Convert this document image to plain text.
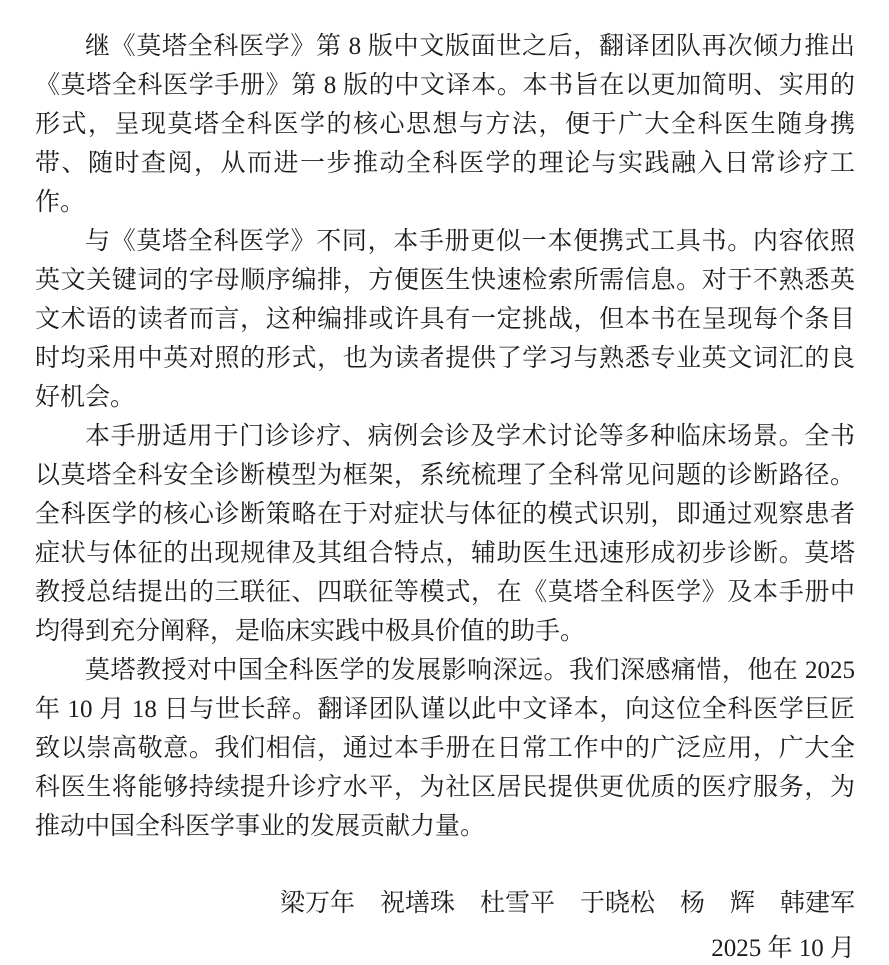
继《莫塔全科医学》第 8 版中文版面世之后，翻译团队再次倾力推出《莫塔全科医学手册》第 8 版的中文译本。本书旨在以更加简明、实用的形式，呈现莫塔全科医学的核心思想与方法，便于广大全科医生随身携带、随时查阅，从而进一步推动全科医学的理论与实践融入日常诊疗工作。

与《莫塔全科医学》不同，本手册更似一本便携式工具书。内容依照英文关键词的字母顺序编排，方便医生快速检索所需信息。对于不熟悉英文术语的读者而言，这种编排或许具有一定挑战，但本书在呈现每个条目时均采用中英对照的形式，也为读者提供了学习与熟悉专业英文词汇的良好机会。

本手册适用于门诊诊疗、病例会诊及学术讨论等多种临床场景。全书以莫塔全科安全诊断模型为框架，系统梳理了全科常见问题的诊断路径。全科医学的核心诊断策略在于对症状与体征的模式识别，即通过观察患者症状与体征的出现规律及其组合特点，辅助医生迅速形成初步诊断。莫塔教授总结提出的三联征、四联征等模式，在《莫塔全科医学》及本手册中均得到充分阐释，是临床实践中极具价值的助手。

莫塔教授对中国全科医学的发展影响深远。我们深感痛惜，他在 2025 年 10 月 18 日与世长辞。翻译团队谨以此中文译本，向这位全科医学巨匠致以崇高敬意。我们相信，通过本手册在日常工作中的广泛应用，广大全科医生将能够持续提升诊疗水平，为社区居民提供更优质的医疗服务，为推动中国全科医学事业的发展贡献力量。

梁万年　祝墡珠　杜雪平　于晓松　杨　辉　韩建军
2025 年 10 月
